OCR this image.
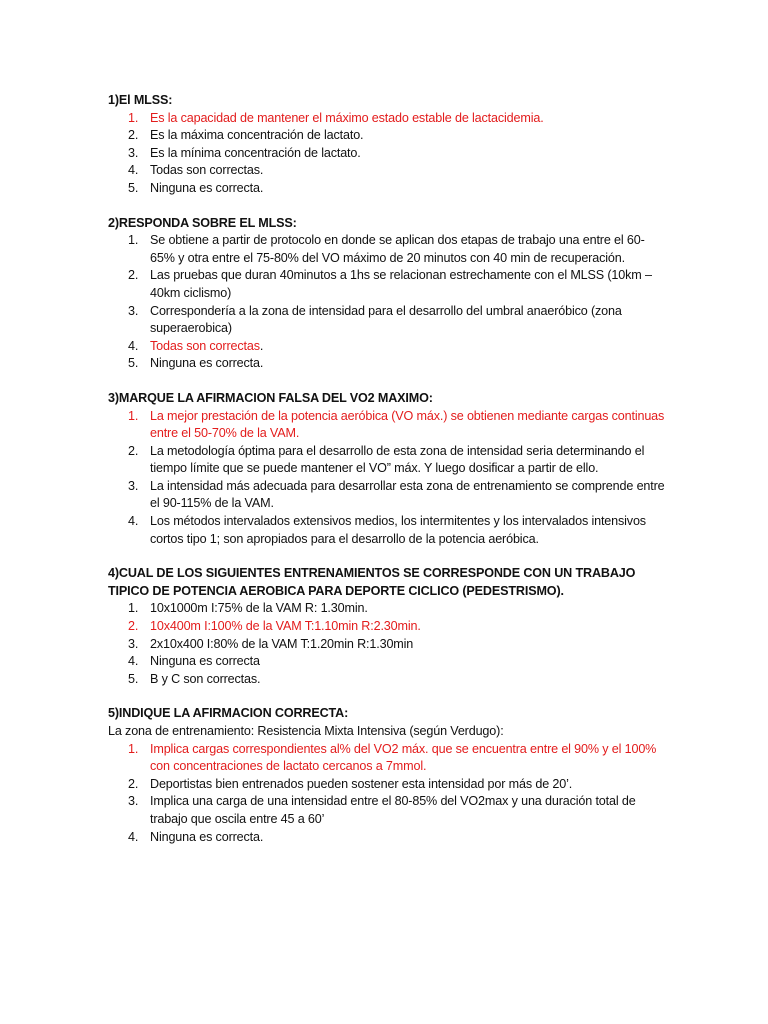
1)El MLSS:

1. Es la capacidad de mantener el máximo estado estable de lactacidemia.
2. Es la máxima concentración de lactato.
3. Es la mínima concentración de lactato.
4. Todas son correctas.
5. Ninguna es correcta.

2)RESPONDA SOBRE EL MLSS:

1. Se obtiene a partir de protocolo en donde se aplican dos etapas de trabajo una entre el 60-65% y otra entre el 75-80% del VO máximo de 20 minutos con 40 min de recuperación.
2. Las pruebas que duran 40minutos a 1hs se relacionan estrechamente con el MLSS (10km – 40km ciclismo)
3. Correspondería a la zona de intensidad para el desarrollo del umbral anaeróbico (zona superaerobica)
4. Todas son correctas.
5. Ninguna es correcta.

3)MARQUE LA AFIRMACION FALSA DEL VO2 MAXIMO:

1. La mejor prestación de la potencia aeróbica (VO máx.) se obtienen mediante cargas continuas entre el 50-70% de la VAM.
2. La metodología óptima para el desarrollo de esta zona de intensidad seria determinando el tiempo límite que se puede mantener el VO” máx. Y luego dosificar a partir de ello.
3. La intensidad más adecuada para desarrollar esta zona de entrenamiento se comprende entre el 90-115% de la VAM.
4. Los métodos intervalados extensivos medios, los intermitentes y los intervalados intensivos cortos tipo 1; son apropiados para el desarrollo de la potencia aeróbica.

4)CUAL DE LOS SIGUIENTES ENTRENAMIENTOS SE CORRESPONDE CON UN TRABAJO TIPICO DE POTENCIA AEROBICA PARA DEPORTE CICLICO (PEDESTRISMO).

1. 10x1000m I:75% de la VAM R: 1.30min.
2. 10x400m I:100% de la VAM T:1.10min R:2.30min.
3. 2x10x400 I:80% de la VAM T:1.20min R:1.30min
4. Ninguna es correcta
5. B y C son correctas.

5)INDIQUE LA AFIRMACION CORRECTA:

La zona de entrenamiento: Resistencia Mixta Intensiva (según Verdugo):

1. Implica cargas correspondientes al% del VO2 máx. que se encuentra entre el 90% y el 100% con concentraciones de lactato cercanos a 7mmol.
2. Deportistas bien entrenados pueden sostener esta intensidad por más de 20’.
3. Implica una carga de una intensidad entre el 80-85% del VO2max y una duración total de trabajo que oscila entre 45 a 60’
4. Ninguna es correcta.
